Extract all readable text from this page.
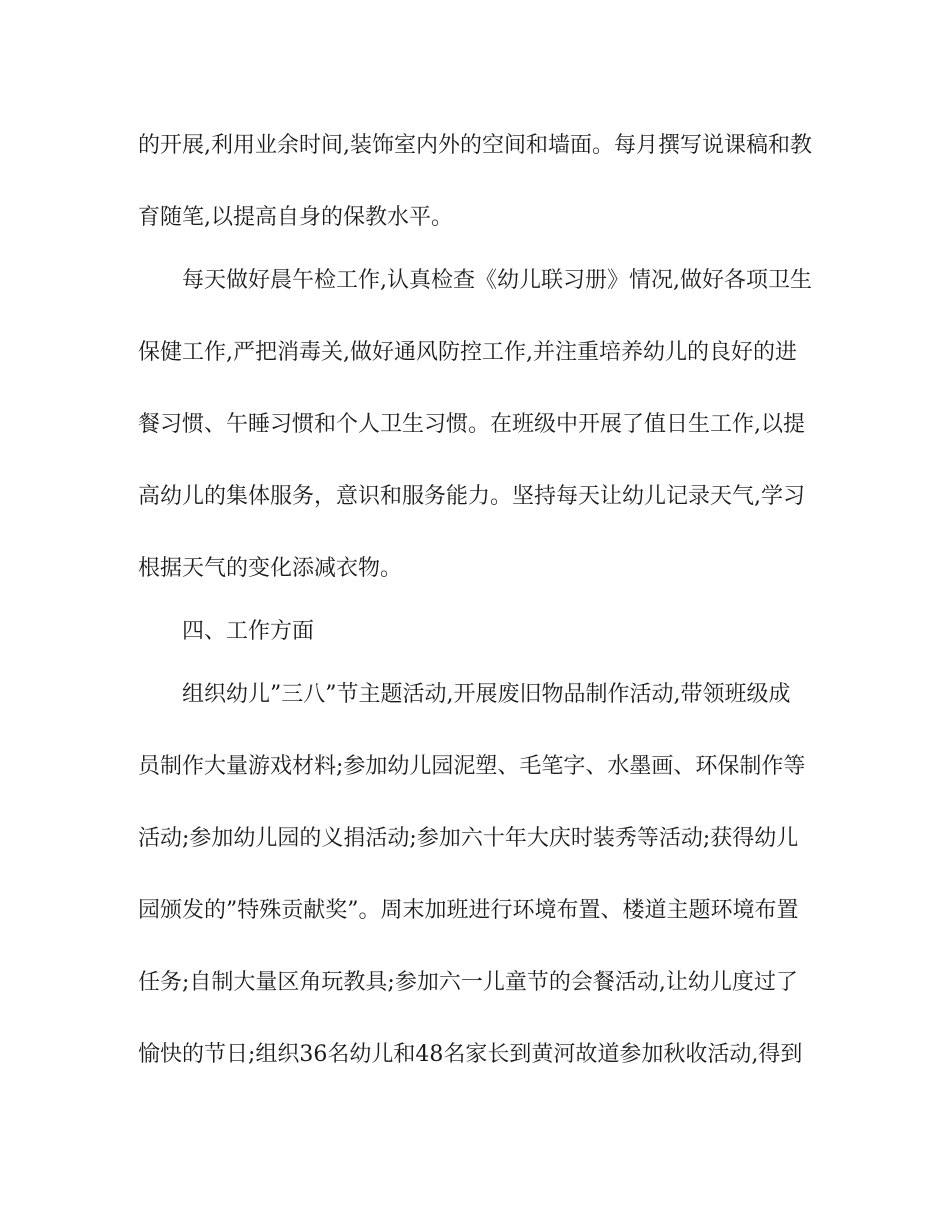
的开展,利用业余时间,装饰室内外的空间和墙面。每月撰写说课稿和教
育随笔,以提高自身的保教水平。
每天做好晨午检工作,认真检查《幼儿联习册》情况,做好各项卫生
保健工作,严把消毒关,做好通风防控工作,并注重培养幼儿的良好的进
餐习惯、午睡习惯和个人卫生习惯。在班级中开展了值日生工作,以提
高幼儿的集体服务，意识和服务能力。坚持每天让幼儿记录天气,学习
根据天气的变化添减衣物。
四、工作方面
组织幼儿”三八”节主题活动,开展废旧物品制作活动,带领班级成
员制作大量游戏材料;参加幼儿园泥塑、毛笔字、水墨画、环保制作等
活动;参加幼儿园的义捐活动;参加六十年大庆时装秀等活动;获得幼儿
园颁发的”特殊贡献奖”。周末加班进行环境布置、楼道主题环境布置
任务;自制大量区角玩教具;参加六一儿童节的会餐活动,让幼儿度过了
愉快的节日;组织36名幼儿和48名家长到黄河故道参加秋收活动,得到
